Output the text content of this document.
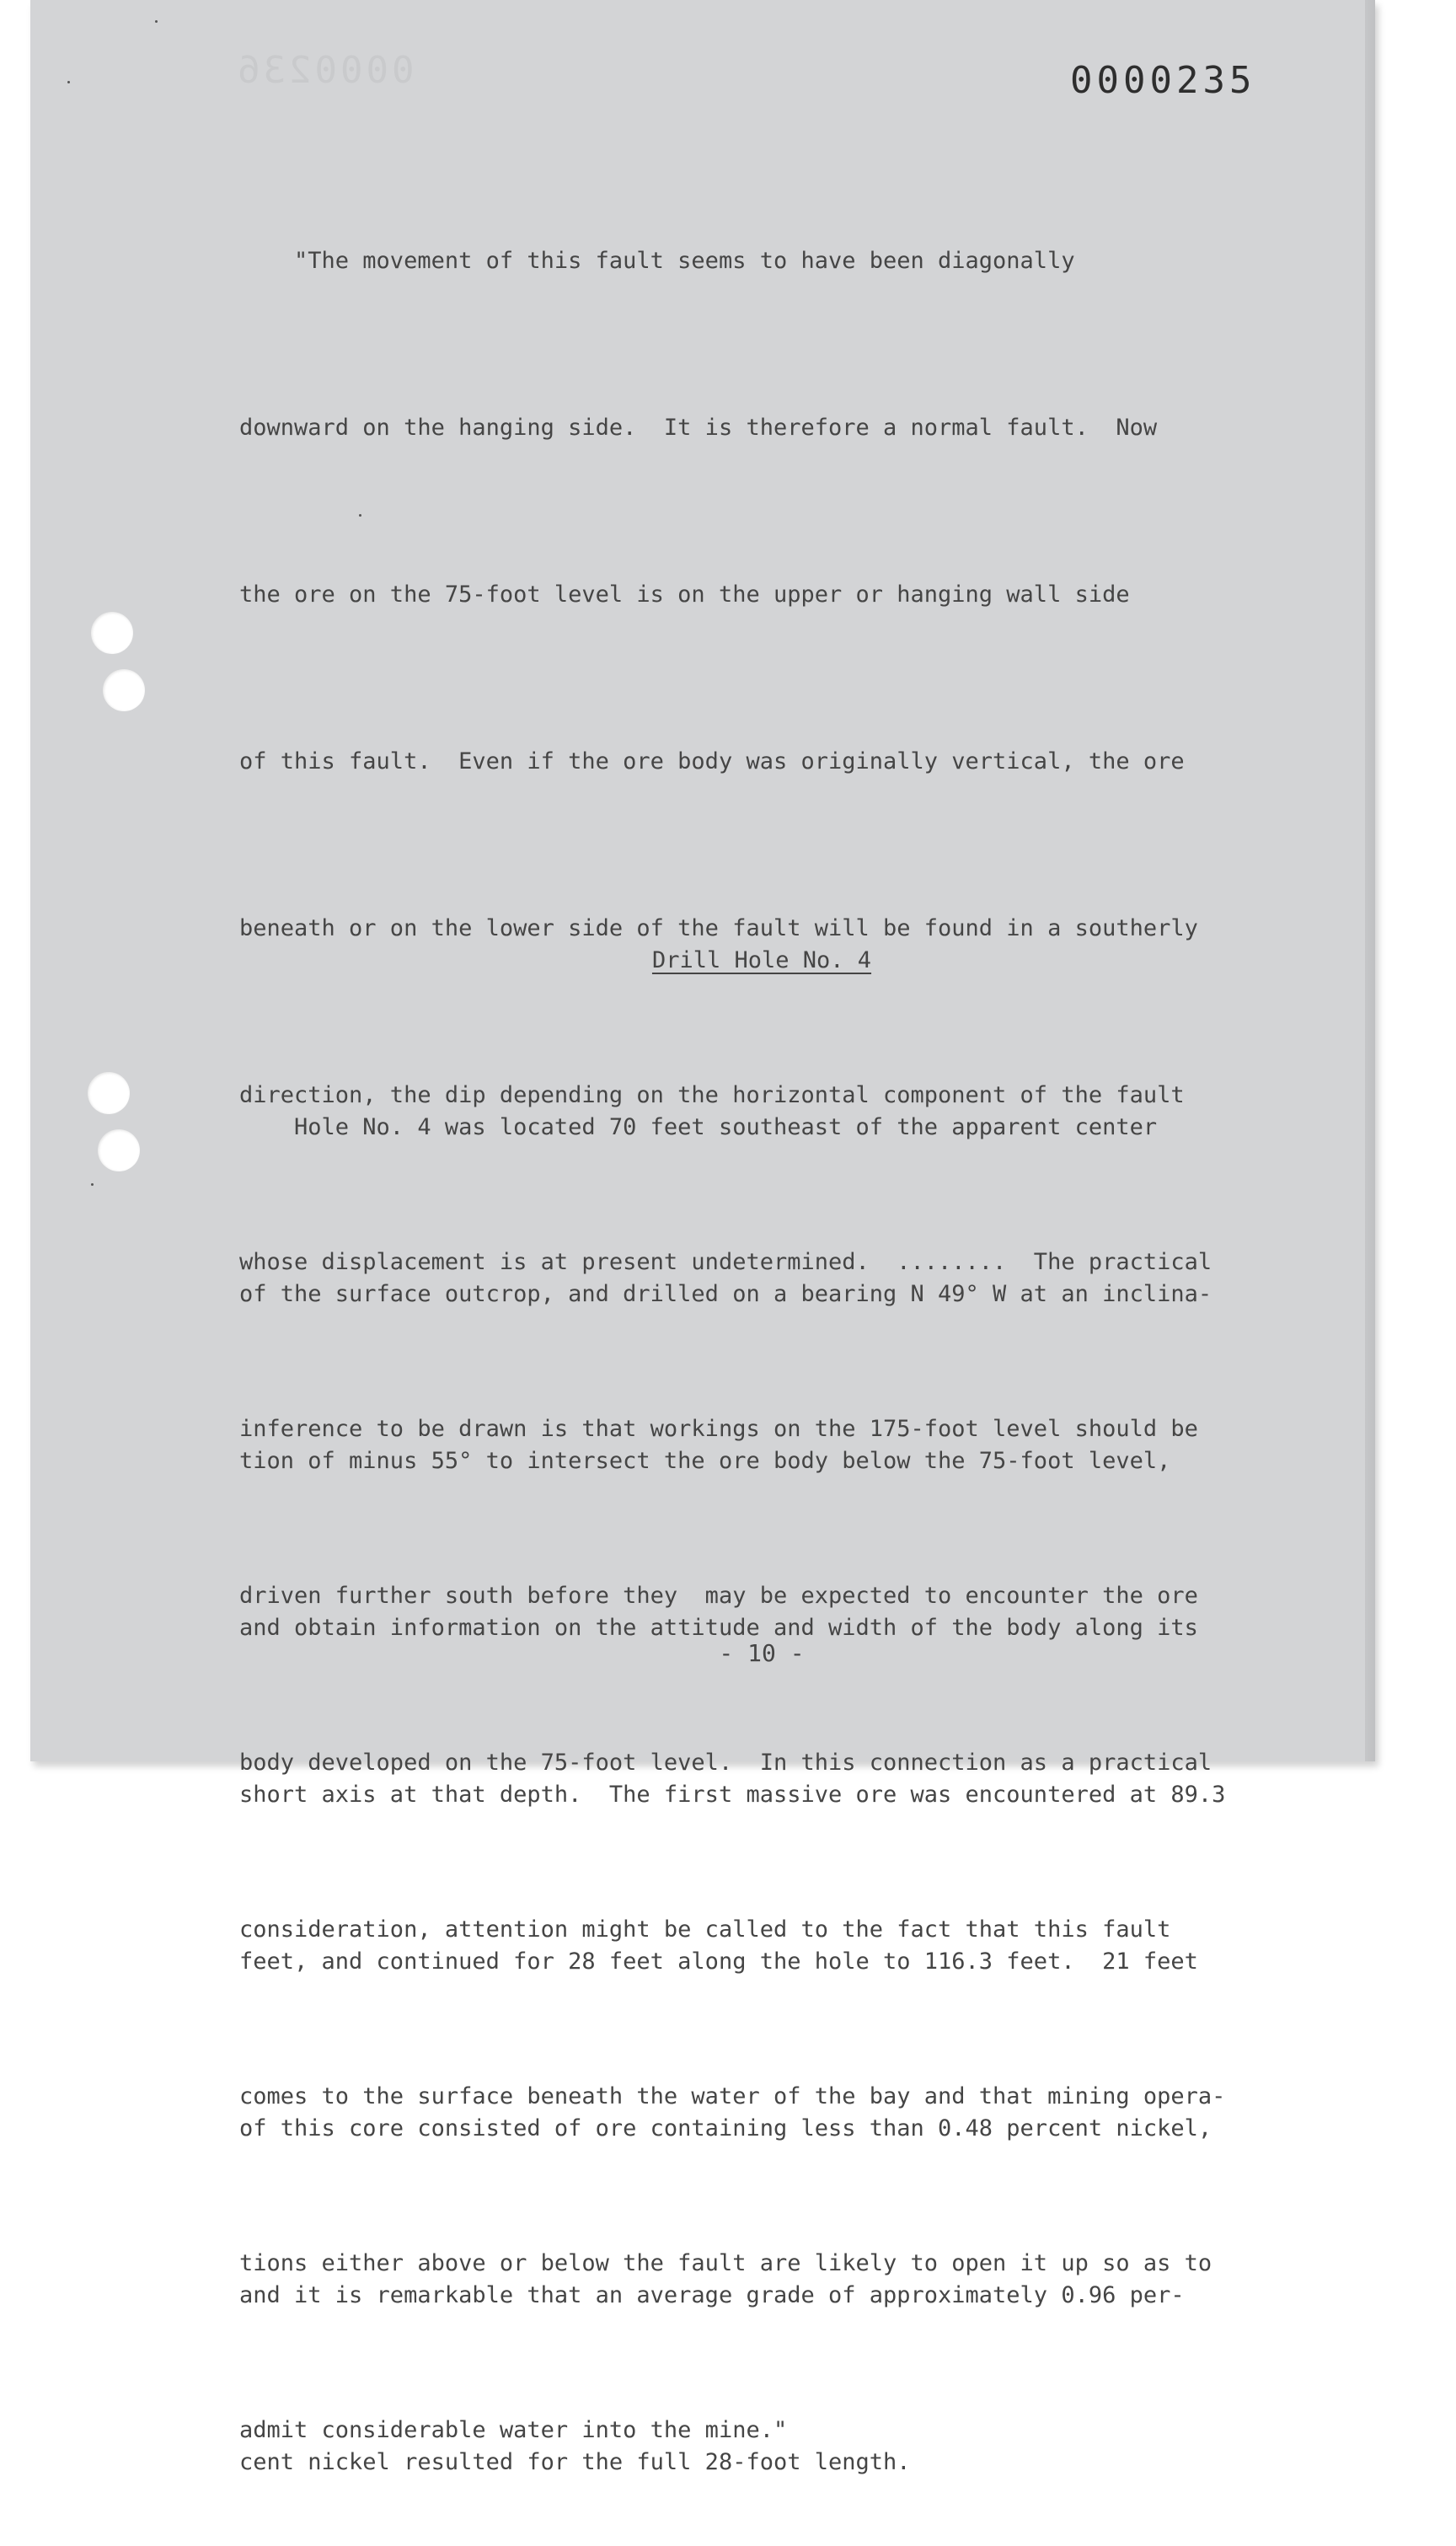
0000236	0000235

"The movement of this fault seems to have been diagonally

downward on the hanging side.  It is therefore a normal fault.  Now

the ore on the 75-foot level is on the upper or hanging wall side

of this fault.  Even if the ore body was originally vertical, the ore

beneath or on the lower side of the fault will be found in a southerly

direction, the dip depending on the horizontal component of the fault

whose displacement is at present undetermined.  ........  The practical

inference to be drawn is that workings on the 175-foot level should be

driven further south before they  may be expected to encounter the ore

body developed on the 75-foot level.  In this connection as a practical

consideration, attention might be called to the fact that this fault

comes to the surface beneath the water of the bay and that mining opera-

tions either above or below the fault are likely to open it up so as to

admit considerable water into the mine."

Drill Hole No. 4

Hole No. 4 was located 70 feet southeast of the apparent center

of the surface outcrop, and drilled on a bearing N 49° W at an inclina-

tion of minus 55° to intersect the ore body below the 75-foot level,

and obtain information on the attitude and width of the body along its

short axis at that depth.  The first massive ore was encountered at 89.3

feet, and continued for 28 feet along the hole to 116.3 feet.  21 feet

of this core consisted of ore containing less than 0.48 percent nickel,

and it is remarkable that an average grade of approximately 0.96 per-

cent nickel resulted for the full 28-foot length.

- 10 -
